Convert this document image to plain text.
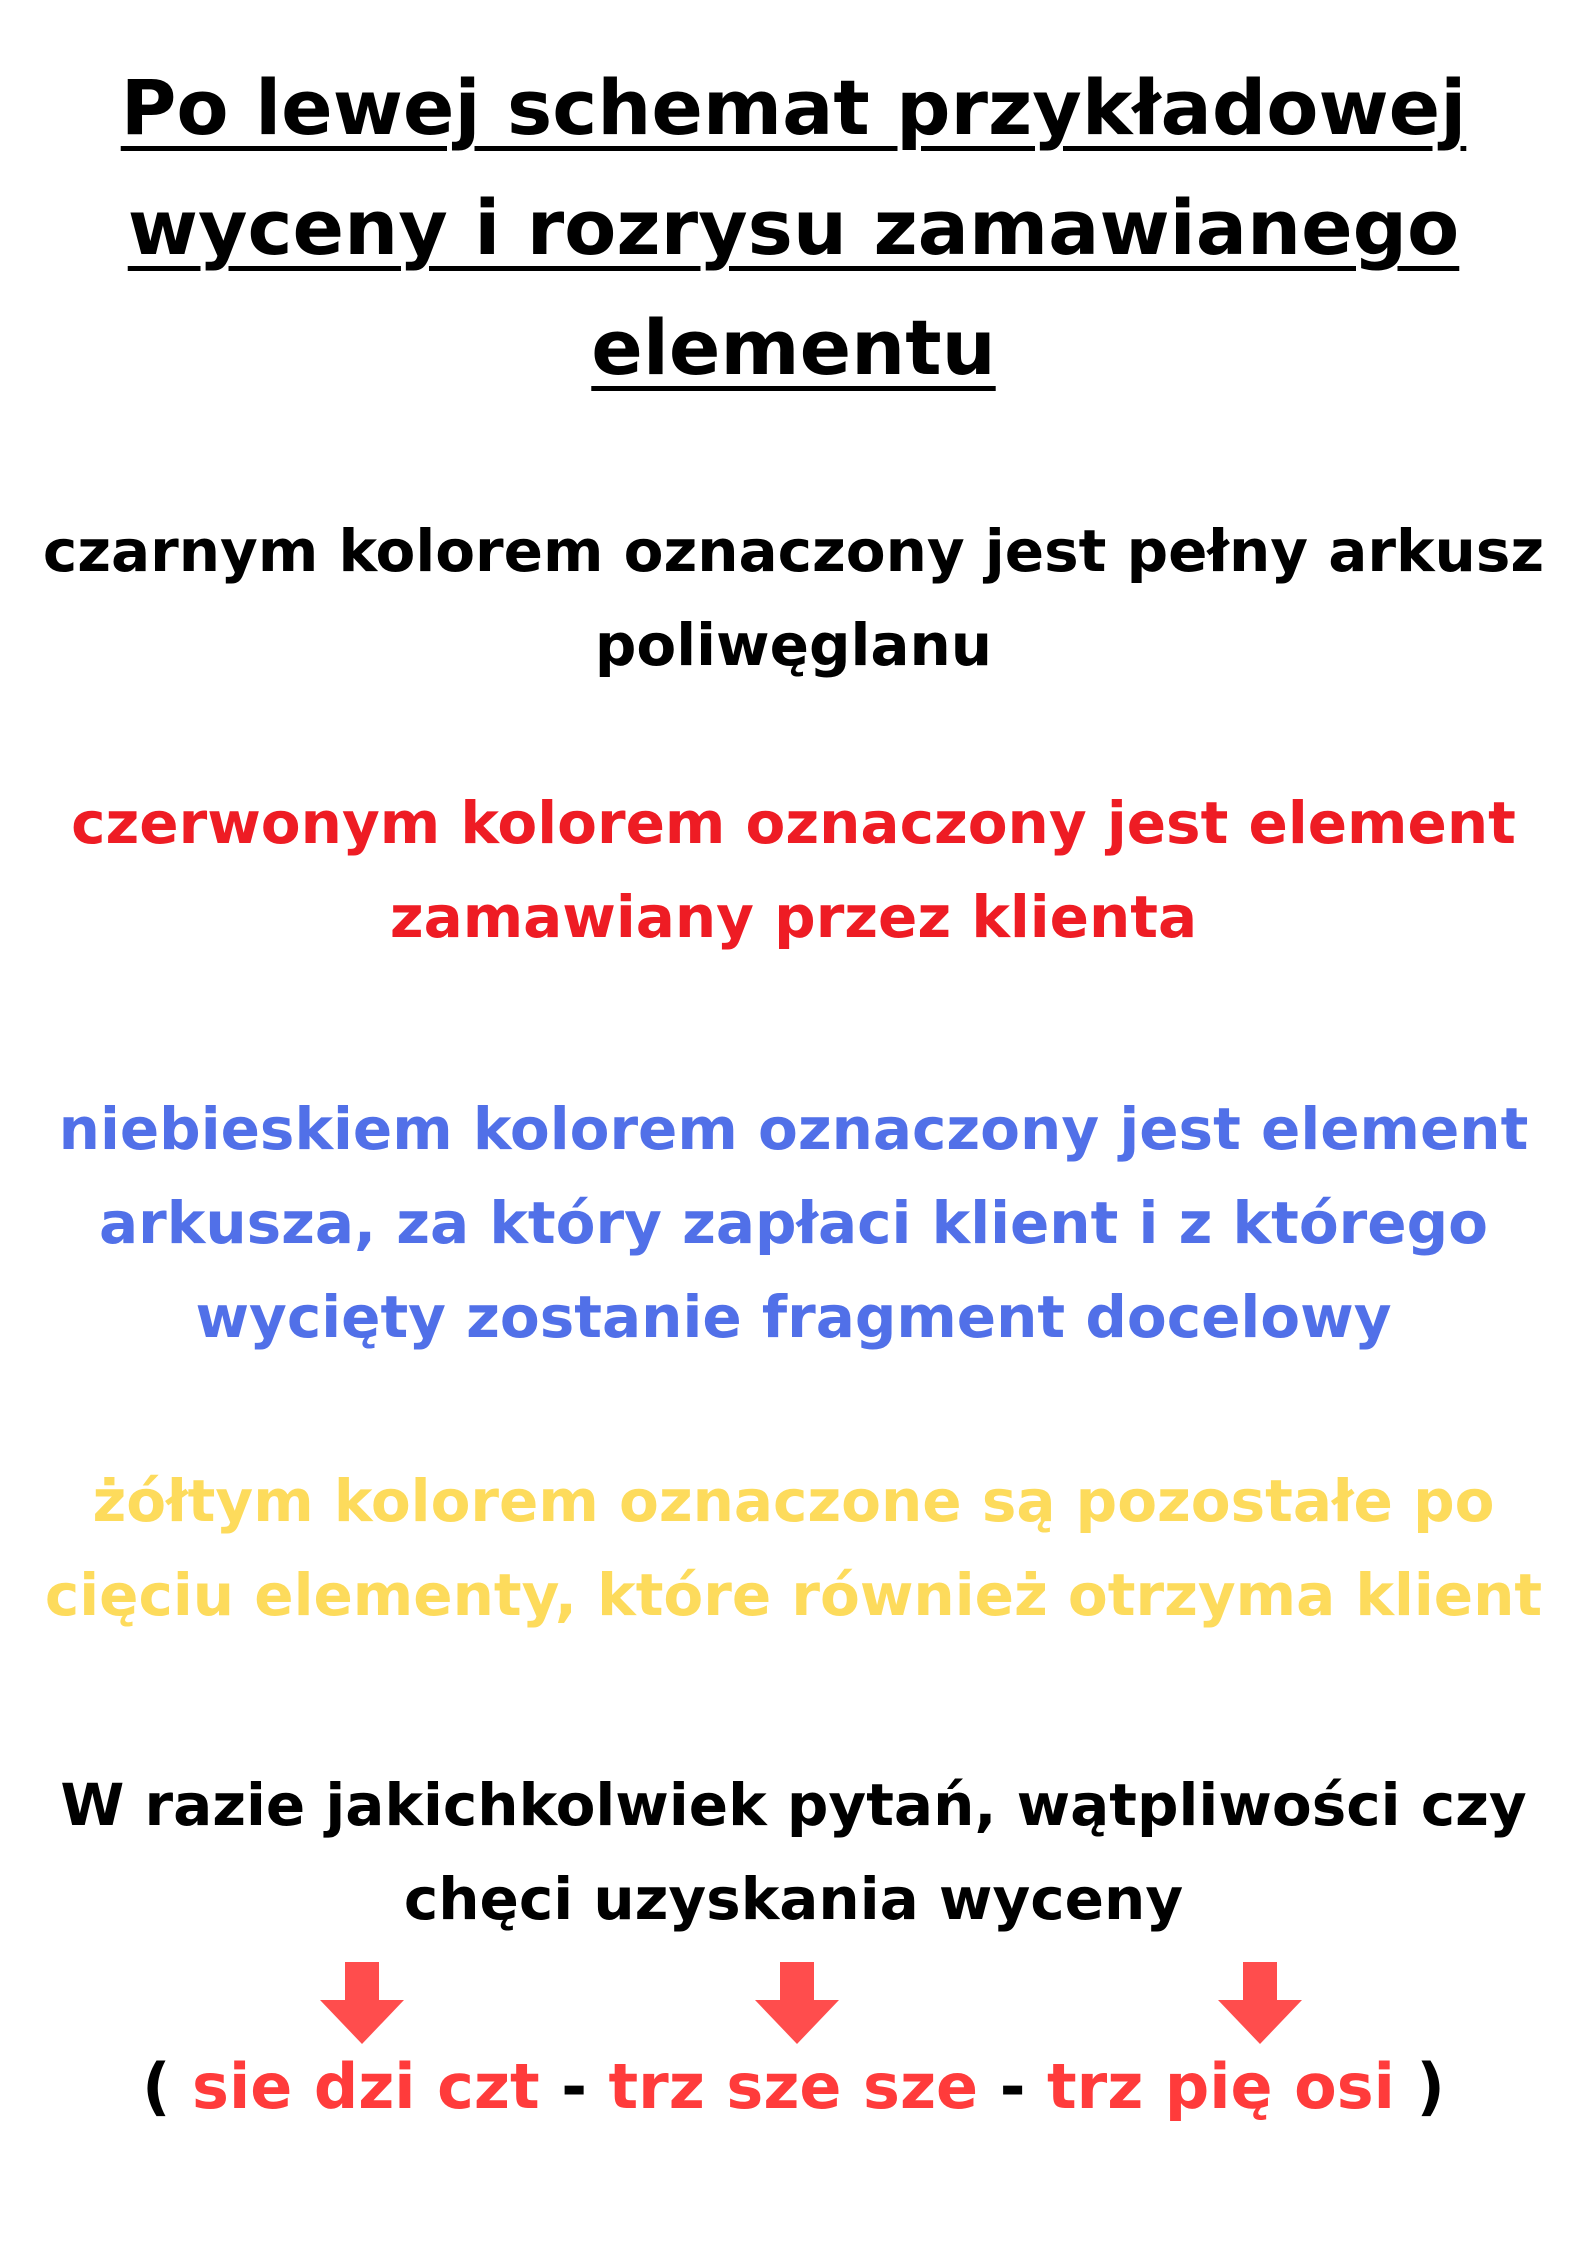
Po lewej schemat przykładowej
wyceny i rozrysu zamawianego
elementu

czarnym kolorem oznaczony jest pełny arkusz
poliwęglanu

czerwonym kolorem oznaczony jest element
zamawiany przez klienta

niebieskiem kolorem oznaczony jest element
arkusza, za który zapłaci klient i z którego
wycięty zostanie fragment docelowy

żółtym kolorem oznaczone są pozostałe po
cięciu elementy, które również otrzyma klient

W razie jakichkolwiek pytań, wątpliwości czy
chęci uzyskania wyceny

( sie dzi czt - trz sze sze - trz pię osi )
